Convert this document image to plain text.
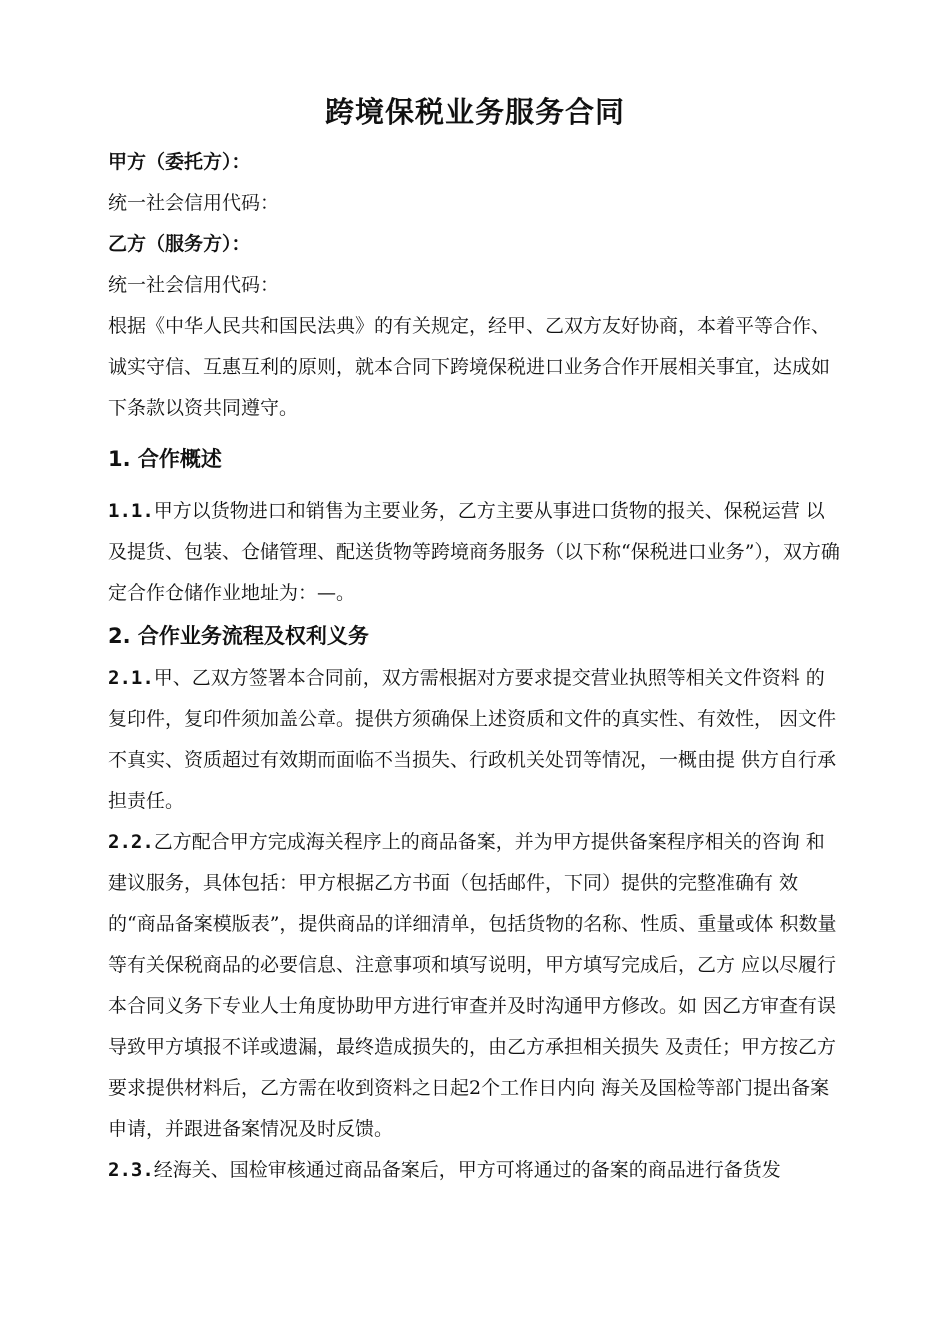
跨境保税业务服务合同

甲方（委托方）：

统一社会信用代码：

乙方（服务方）：

统一社会信用代码：

根据《中华人民共和国民法典》的有关规定，经甲、乙双方友好协商，本着平等合作、诚实守信、互惠互利的原则，就本合同下跨境保税进口业务合作开展相关事宜，达成如下条款以资共同遵守。

1. 合作概述

1.1.甲方以货物进口和销售为主要业务，乙方主要从事进口货物的报关、保税运营 以及提货、包装、仓储管理、配送货物等跨境商务服务（以下称“保税进口业务”），双方确定合作仓储作业地址为：—。

2. 合作业务流程及权利义务

2.1.甲、乙双方签署本合同前，双方需根据对方要求提交营业执照等相关文件资料 的复印件，复印件须加盖公章。提供方须确保上述资质和文件的真实性、有效性， 因文件不真实、资质超过有效期而面临不当损失、行政机关处罚等情况，一概由提 供方自行承担责任。

2.2.乙方配合甲方完成海关程序上的商品备案，并为甲方提供备案程序相关的咨询 和建议服务，具体包括：甲方根据乙方书面（包括邮件，下同）提供的完整准确有 效的“商品备案模版表”，提供商品的详细清单，包括货物的名称、性质、重量或体 积数量等有关保税商品的必要信息、注意事项和填写说明，甲方填写完成后，乙方 应以尽履行本合同义务下专业人士角度协助甲方进行审查并及时沟通甲方修改。如 因乙方审查有误导致甲方填报不详或遗漏，最终造成损失的，由乙方承担相关损失 及责任；甲方按乙方要求提供材料后，乙方需在收到资料之日起2个工作日内向 海关及国检等部门提出备案申请，并跟进备案情况及时反馈。

2.3.经海关、国检审核通过商品备案后，甲方可将通过的备案的商品进行备货发
